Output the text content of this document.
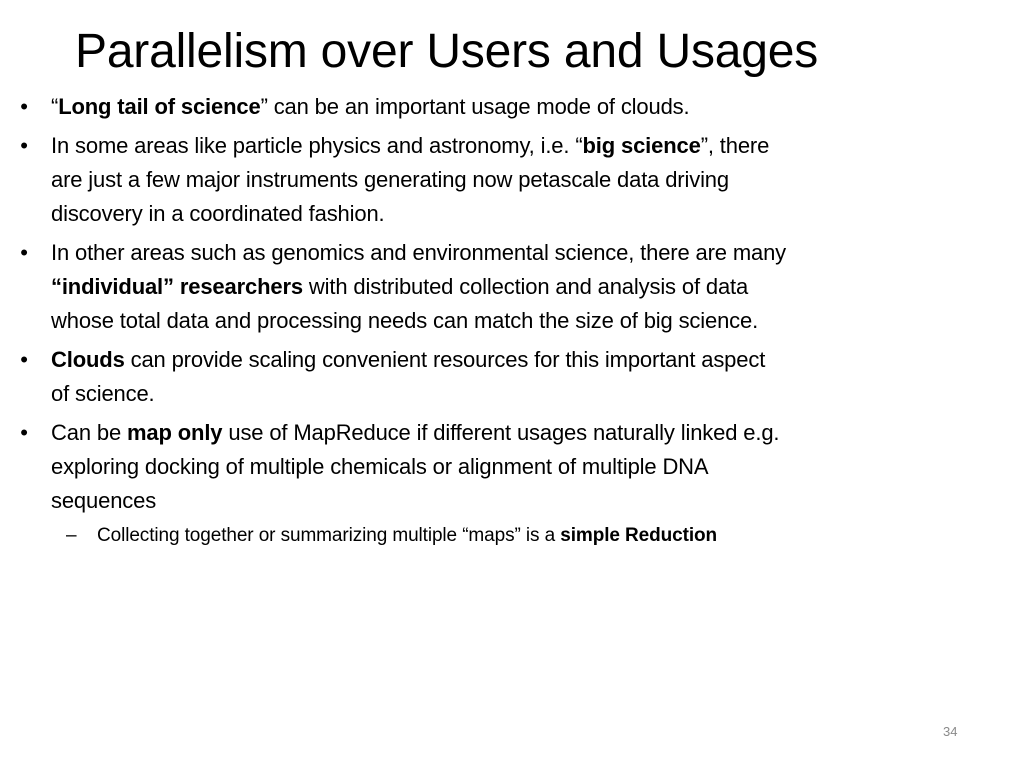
Parallelism over Users and Usages
• “Long tail of science” can be an important usage mode of clouds.
• In some areas like particle physics and astronomy, i.e. “big science”, there
are just a few major instruments generating now petascale data driving
discovery in a coordinated fashion.
• In other areas such as genomics and environmental science, there are many
“individual” researchers with distributed collection and analysis of data
whose total data and processing needs can match the size of big science.
• Clouds can provide scaling convenient resources for this important aspect
of science.
• Can be map only use of MapReduce if different usages naturally linked e.g.
exploring docking of multiple chemicals or alignment of multiple DNA
sequences
– Collecting together or summarizing multiple “maps” is a simple Reduction
34
